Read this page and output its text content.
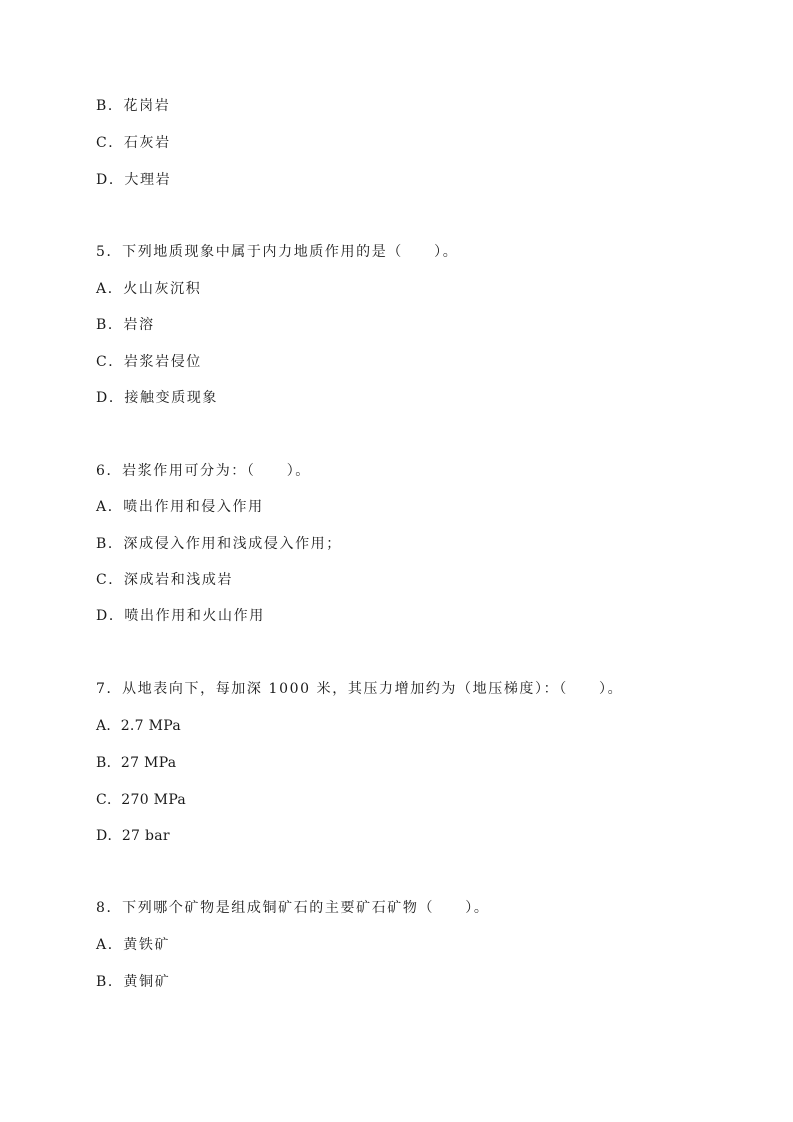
B．花岗岩
C．石灰岩
D．大理岩
5．下列地质现象中属于内力地质作用的是（　　）。
A．火山灰沉积
B．岩溶
C．岩浆岩侵位
D．接触变质现象
6．岩浆作用可分为：（　　）。
A．喷出作用和侵入作用
B．深成侵入作用和浅成侵入作用；
C．深成岩和浅成岩
D．喷出作用和火山作用
7．从地表向下，每加深 1000 米，其压力增加约为（地压梯度）：（　　）。
A．2.7 MPa
B．27 MPa
C．270 MPa
D．27 bar
8．下列哪个矿物是组成铜矿石的主要矿石矿物（　　）。
A．黄铁矿
B．黄铜矿
